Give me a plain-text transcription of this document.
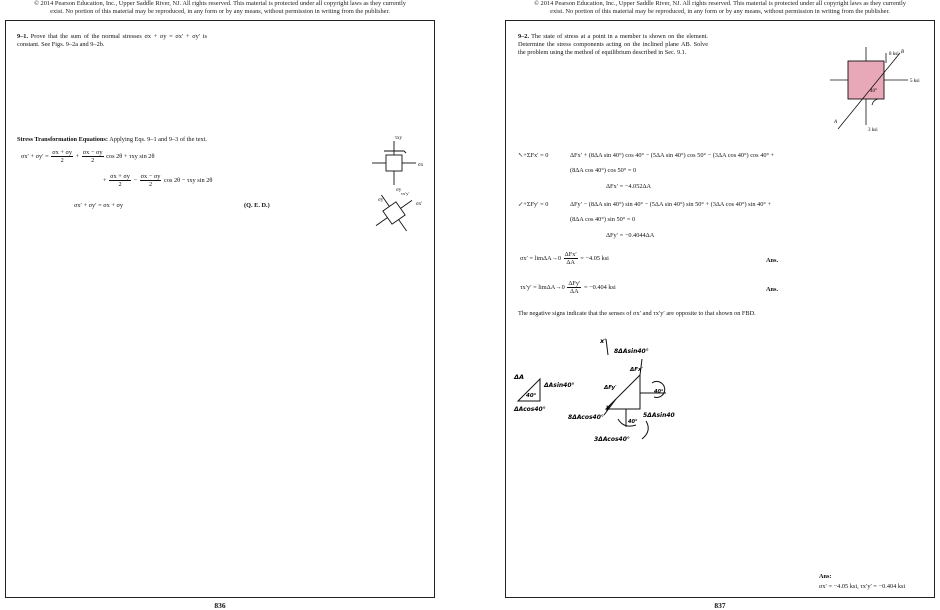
© 2014 Pearson Education, Inc., Upper Saddle River, NJ. All rights reserved. This material is protected under all copyright laws as they currently
exist. No portion of this material may be reproduced, in any form or by any means, without permission in writing from the publisher.
© 2014 Pearson Education, Inc., Upper Saddle River, NJ. All rights reserved. This material is protected under all copyright laws as they currently
exist. No portion of this material may be reproduced, in any form or by any means, without permission in writing from the publisher.
9–1. Prove that the sum of the normal stresses σx + σy = σx′ + σy′ is constant. See Figs. 9–2a and 9–2b.
Stress Transformation Equations: Applying Eqs. 9–1 and 9–3 of the text.
$\sigma x' + \sigma y' = \frac{\sigma x + \sigma y}{2} + \frac{\sigma x - \sigma y}{2}$ cos 2θ + τxy sin 2θ
+ $\frac{\sigma x + \sigma y}{2} - \frac{\sigma x - \sigma y}{2}$ cos 2θ − τxy sin 2θ
σx′ + σy′ = σx + σy	(Q. E. D.)
τxy
σx
σy
σx′
σy′
τx′y′
836
9–2. The state of stress at a point in a member is shown on the element. Determine the stress components acting on the inclined plane AB. Solve the problem using the method of equilibrium described in Sec. 9.1.	8 ksi
5 ksi
3 ksi
40°
A
B
↖+ΣFx′ = 0	ΔFx′ + (8ΔA sin 40°) cos 40° − (5ΔA sin 40°) cos 50° − (3ΔA cos 40°) cos 40° +
(8ΔA cos 40°) cos 50° = 0
ΔFx′ = −4.052ΔA
↙+ΣFy′ = 0	ΔFy′ − (8ΔA sin 40°) sin 40° − (5ΔA sin 40°) sin 50° + (3ΔA cos 40°) sin 40° +
(8ΔA cos 40°) sin 50° = 0
ΔFy′ = −0.4044ΔA
$\sigma x' = \lim\Delta A\to 0 \frac{\text{ΔFx′}}{\Delta A} = -4.05$ ksi	Ans.
$\tau x'y' = \lim\Delta A\to 0 \frac{\text{ΔFy′}}{\Delta A} = -0.404$ ksi	Ans.
The negative signs indicate that the senses of σx′ and τx′y′ are opposite to that shown on FBD.
ΔA
ΔAsin40°
ΔAcos40°
40°
x′
8ΔAsin40°
ΔFx′
ΔFy′
y′
8ΔAcos40°	5ΔAsin40
3ΔAcos40°
40°
40°
Ans:
σx′ = −4.05 ksi, τx′y′ = −0.404 ksi
837
